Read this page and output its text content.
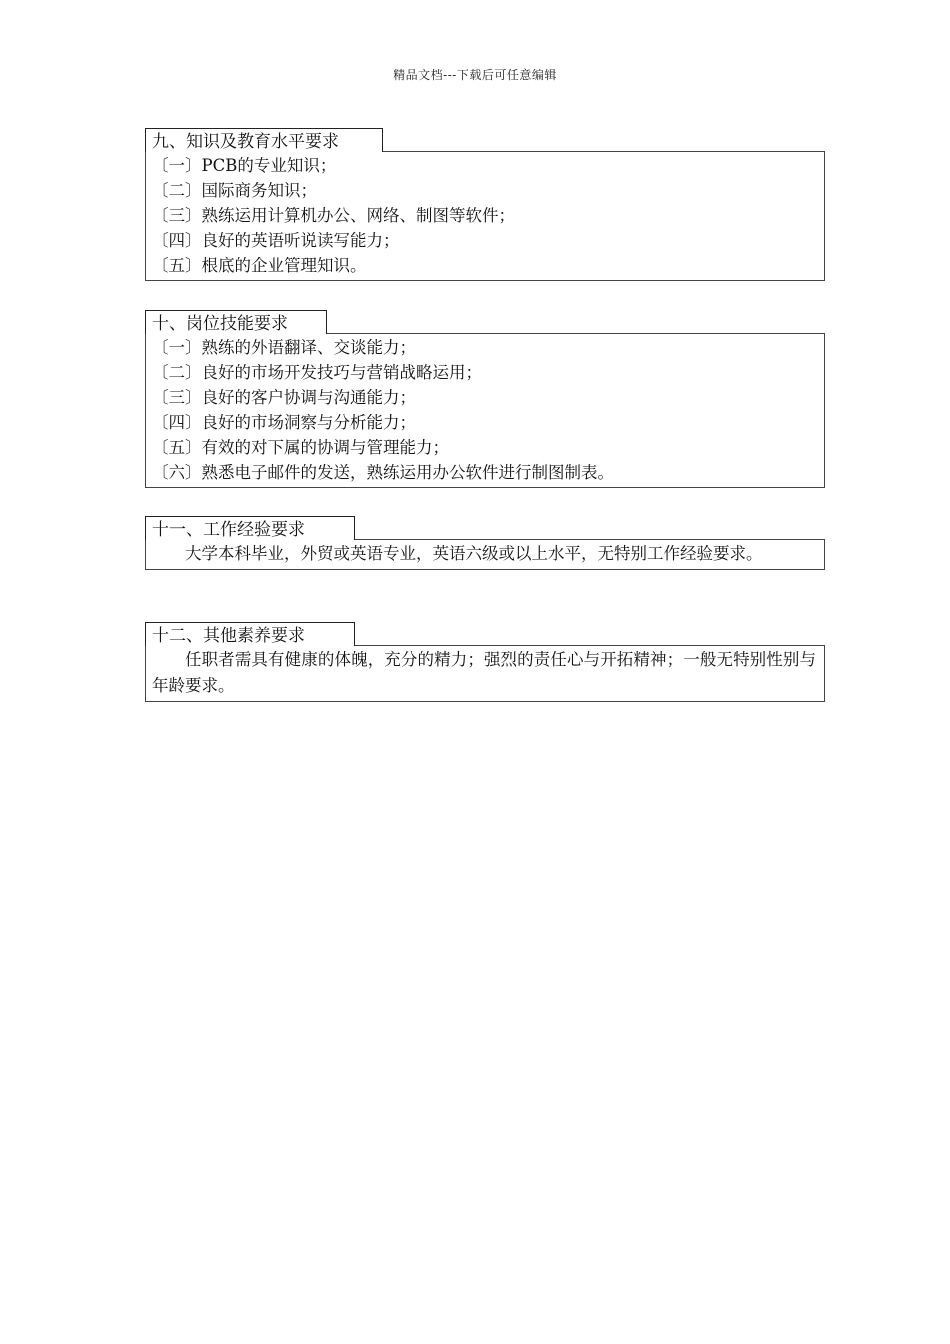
精品文档---下载后可任意编辑
九、知识及教育水平要求
〔一〕PCB的专业知识；
〔二〕国际商务知识；
〔三〕熟练运用计算机办公、网络、制图等软件；
〔四〕良好的英语听说读写能力；
〔五〕根底的企业管理知识。
十、岗位技能要求
〔一〕熟练的外语翻译、交谈能力；
〔二〕良好的市场开发技巧与营销战略运用；
〔三〕良好的客户协调与沟通能力；
〔四〕良好的市场洞察与分析能力；
〔五〕有效的对下属的协调与管理能力；
〔六〕熟悉电子邮件的发送，熟练运用办公软件进行制图制表。
十一、工作经验要求
大学本科毕业，外贸或英语专业，英语六级或以上水平，无特别工作经验要求。
十二、其他素养要求
任职者需具有健康的体魄，充分的精力；强烈的责任心与开拓精神；一般无特别性别与年龄要求。
